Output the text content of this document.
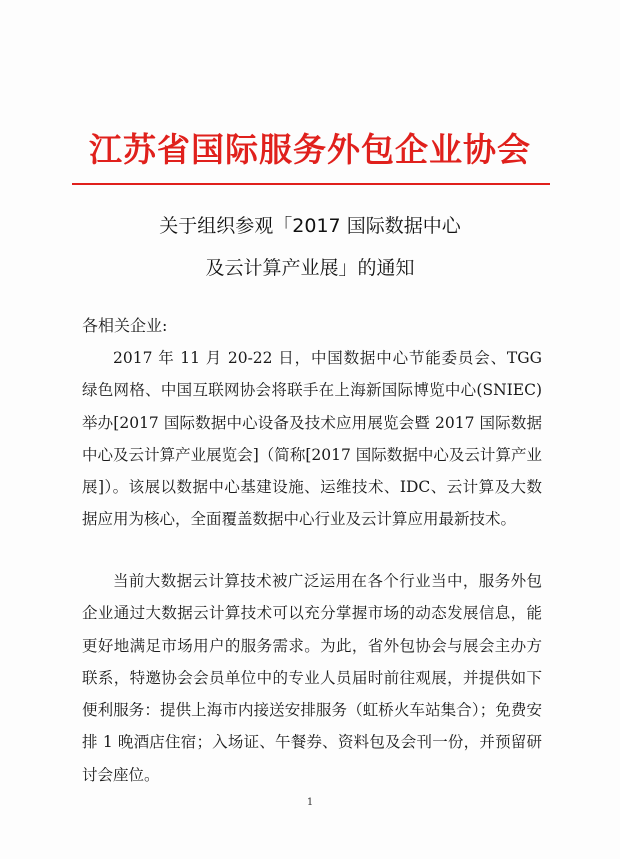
江苏省国际服务外包企业协会
关于组织参观「2017 国际数据中心
及云计算产业展」的通知
各相关企业:
2017 年 11 月 20-22 日，中国数据中心节能委员会、TGG 绿色网格、中国互联网协会将联手在上海新国际博览中心(SNIEC)举办[2017 国际数据中心设备及技术应用展览会暨 2017 国际数据中心及云计算产业展览会]（简称[2017 国际数据中心及云计算产业展]）。该展以数据中心基建设施、运维技术、IDC、云计算及大数据应用为核心，全面覆盖数据中心行业及云计算应用最新技术。
当前大数据云计算技术被广泛运用在各个行业当中，服务外包企业通过大数据云计算技术可以充分掌握市场的动态发展信息，能更好地满足市场用户的服务需求。为此，省外包协会与展会主办方联系，特邀协会会员单位中的专业人员届时前往观展，并提供如下便利服务：提供上海市内接送安排服务（虹桥火车站集合）；免费安排 1 晚酒店住宿；入场证、午餐券、资料包及会刊一份，并预留研讨会座位。
1
